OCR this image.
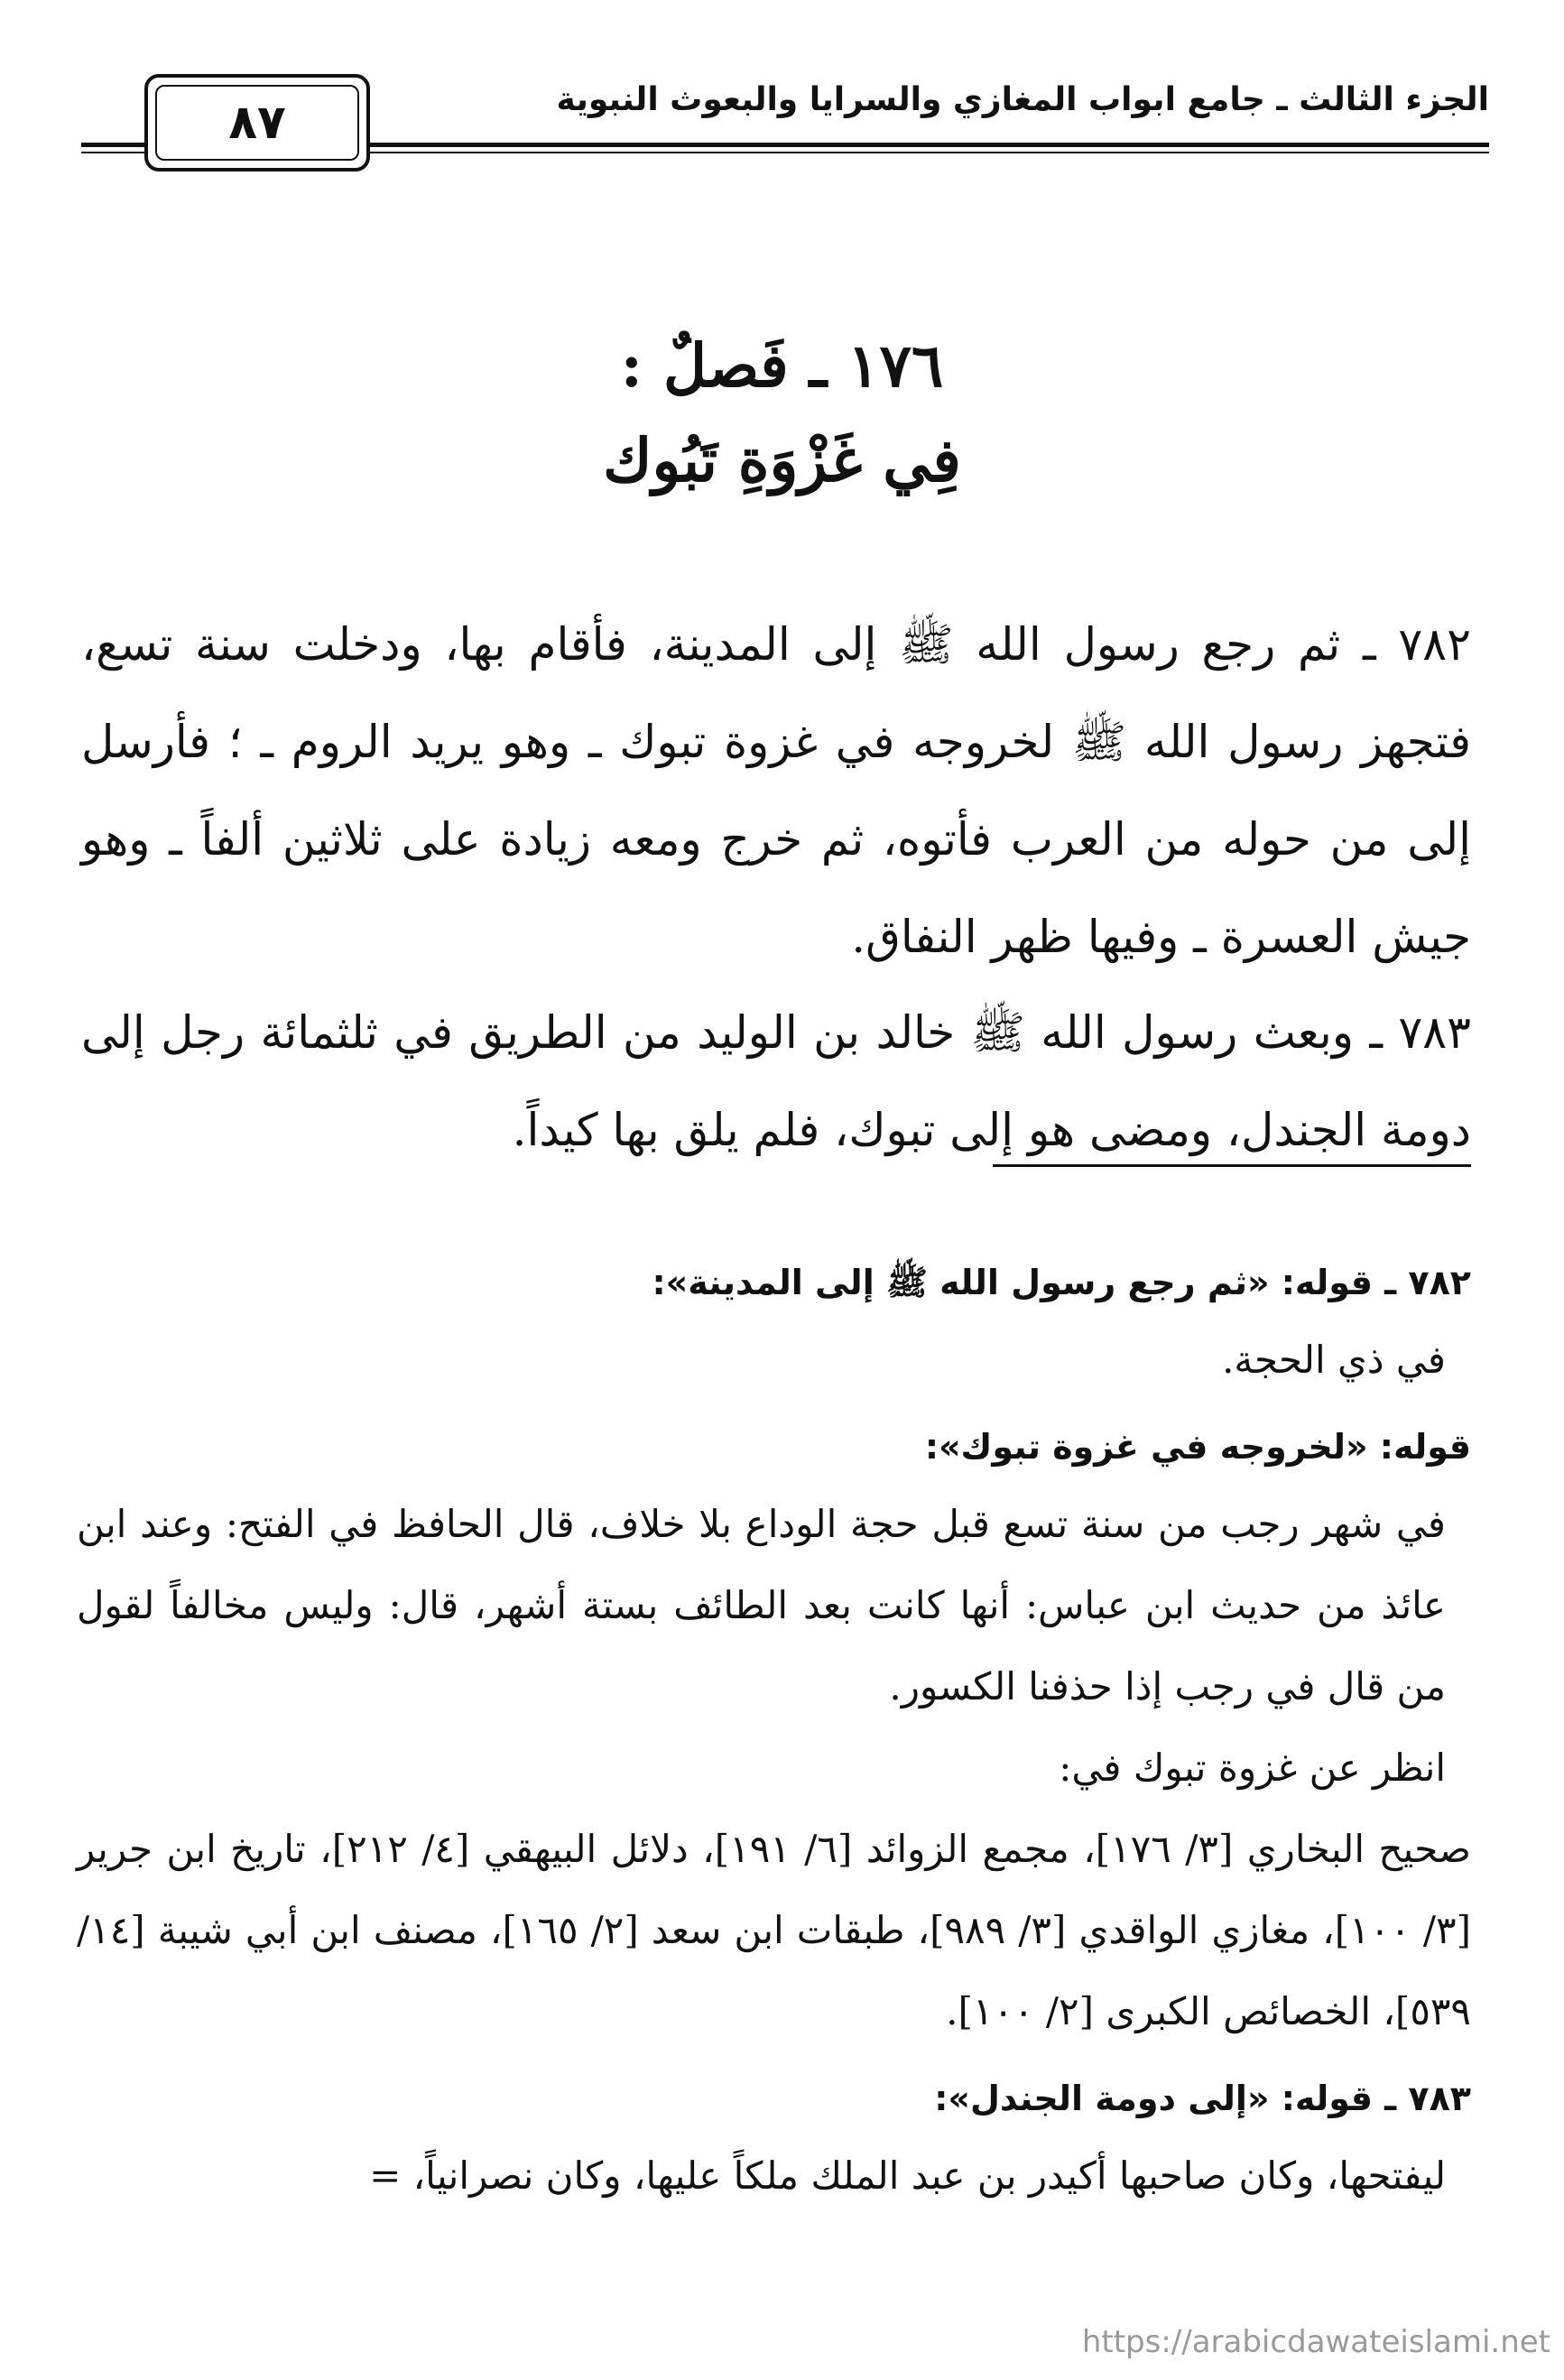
الجزء الثالث ـ جامع ابواب المغازي والسرايا والبعوث النبوية
٨٧
١٧٦ ـ فَصلٌ :
فِي غَزْوَةِ تَبُوك
٧٨٢ ـ ثم رجع رسول الله ﷺ إلى المدينة، فأقام بها، ودخلت سنة تسع، فتجهز رسول الله ﷺ لخروجه في غزوة تبوك ـ وهو يريد الروم ـ ؛ فأرسل إلى من حوله من العرب فأتوه، ثم خرج ومعه زيادة على ثلاثين ألفاً ـ وهو جيش العسرة ـ وفيها ظهر النفاق.
٧٨٣ ـ وبعث رسول الله ﷺ خالد بن الوليد من الطريق في ثلثمائة رجل إلى دومة الجندل، ومضى هو إلى تبوك، فلم يلق بها كيداً.
٧٨٢ ـ قوله: «ثم رجع رسول الله ﷺ إلى المدينة»:
في ذي الحجة.
قوله: «لخروجه في غزوة تبوك»:
في شهر رجب من سنة تسع قبل حجة الوداع بلا خلاف، قال الحافظ في الفتح: وعند ابن عائذ من حديث ابن عباس: أنها كانت بعد الطائف بستة أشهر، قال: وليس مخالفاً لقول من قال في رجب إذا حذفنا الكسور.
انظر عن غزوة تبوك في:
صحيح البخاري [٣/ ١٧٦]، مجمع الزوائد [٦/ ١٩١]، دلائل البيهقي [٤/ ٢١٢]، تاريخ ابن جرير [٣/ ١٠٠]، مغازي الواقدي [٣/ ٩٨٩]، طبقات ابن سعد [٢/ ١٦٥]، مصنف ابن أبي شيبة [١٤/ ٥٣٩]، الخصائص الكبرى [٢/ ١٠٠].
٧٨٣ ـ قوله: «إلى دومة الجندل»:
ليفتحها، وكان صاحبها أكيدر بن عبد الملك ملكاً عليها، وكان نصرانياً، =
https://arabicdawateislami.net
